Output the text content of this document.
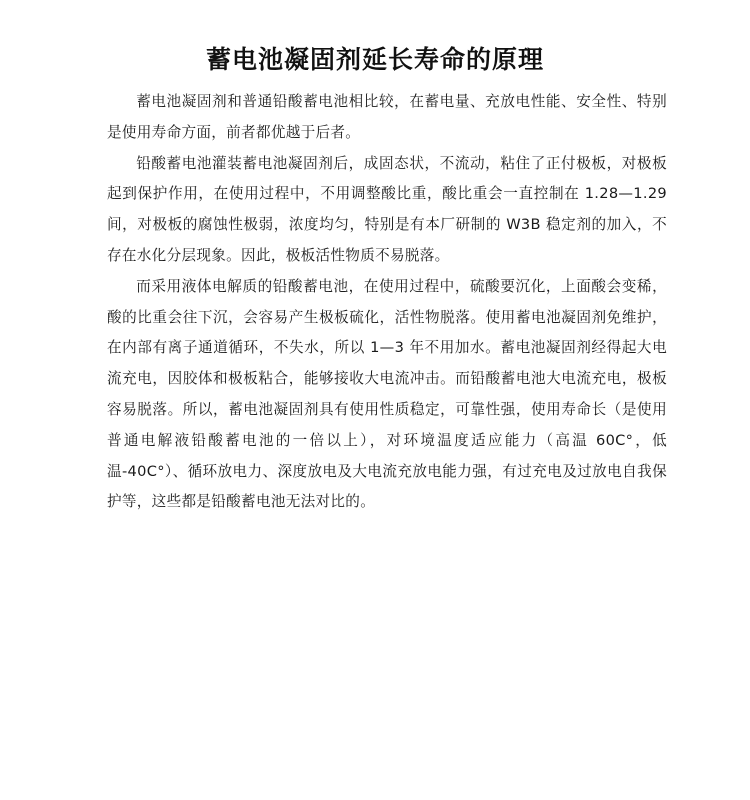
蓄电池凝固剂延长寿命的原理

蓄电池凝固剂和普通铅酸蓄电池相比较，在蓄电量、充放电性能、安全性、特别是使用寿命方面，前者都优越于后者。

铅酸蓄电池灌装蓄电池凝固剂后，成固态状，不流动，粘住了正付极板，对极板起到保护作用，在使用过程中，不用调整酸比重，酸比重会一直控制在 1.28—1.29 间，对极板的腐蚀性极弱，浓度均匀，特别是有本厂研制的 W3B 稳定剂的加入，不存在水化分层现象。因此，极板活性物质不易脱落。

而采用液体电解质的铅酸蓄电池，在使用过程中，硫酸要沉化，上面酸会变稀，酸的比重会往下沉，会容易产生极板硫化，活性物脱落。使用蓄电池凝固剂免维护，在内部有离子通道循环，不失水，所以 1—3 年不用加水。蓄电池凝固剂经得起大电流充电，因胶体和极板粘合，能够接收大电流冲击。而铅酸蓄电池大电流充电，极板容易脱落。所以，蓄电池凝固剂具有使用性质稳定，可靠性强，使用寿命长（是使用普通电解液铅酸蓄电池的一倍以上），对环境温度适应能力（高温 60C°，低温-40C°）、循环放电力、深度放电及大电流充放电能力强，有过充电及过放电自我保护等，这些都是铅酸蓄电池无法对比的。
